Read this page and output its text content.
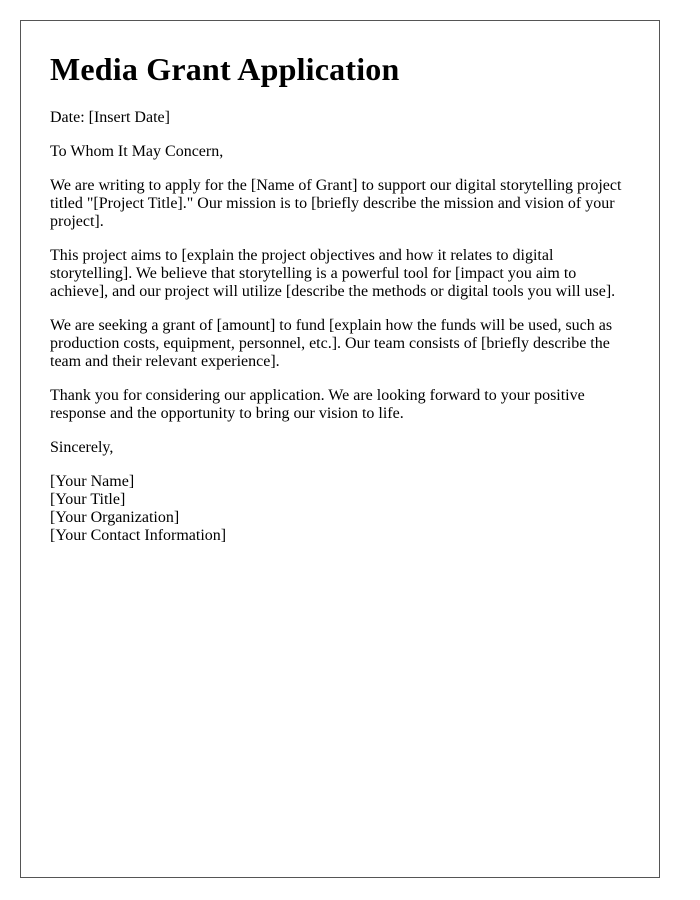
Media Grant Application

Date: [Insert Date]

To Whom It May Concern,

We are writing to apply for the [Name of Grant] to support our digital storytelling project titled "[Project Title]." Our mission is to [briefly describe the mission and vision of your project].

This project aims to [explain the project objectives and how it relates to digital storytelling]. We believe that storytelling is a powerful tool for [impact you aim to achieve], and our project will utilize [describe the methods or digital tools you will use].

We are seeking a grant of [amount] to fund [explain how the funds will be used, such as production costs, equipment, personnel, etc.]. Our team consists of [briefly describe the team and their relevant experience].

Thank you for considering our application. We are looking forward to your positive response and the opportunity to bring our vision to life.

Sincerely,

[Your Name]
[Your Title]
[Your Organization]
[Your Contact Information]
